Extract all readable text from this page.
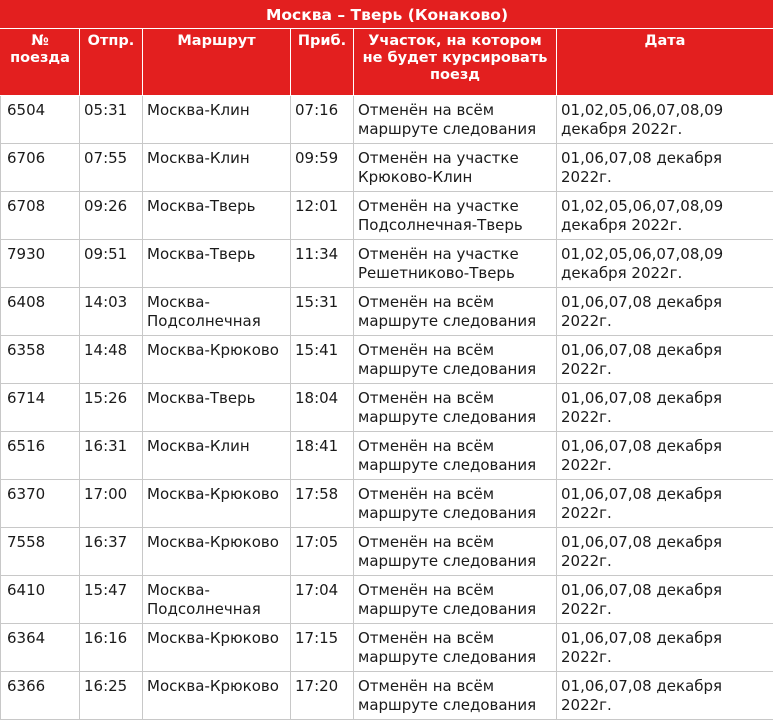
Москва – Тверь (Конаково)					
№ поезда	Отпр.	Маршрут	Приб.	Участок, на котором не будет курсировать поезд	Дата
6504	05:31	Москва-Клин	07:16	Отменён на всём маршруте следования	01,02,05,06,07,08,09 декабря 2022г.
6706	07:55	Москва-Клин	09:59	Отменён на участке Крюково-Клин	01,06,07,08 декабря 2022г.
6708	09:26	Москва-Тверь	12:01	Отменён на участке Подсолнечная-Тверь	01,02,05,06,07,08,09 декабря 2022г.
7930	09:51	Москва-Тверь	11:34	Отменён на участке Решетниково-Тверь	01,02,05,06,07,08,09 декабря 2022г.
6408	14:03	Москва-Подсолнечная	15:31	Отменён на всём маршруте следования	01,06,07,08 декабря 2022г.
6358	14:48	Москва-Крюково	15:41	Отменён на всём маршруте следования	01,06,07,08 декабря 2022г.
6714	15:26	Москва-Тверь	18:04	Отменён на всём маршруте следования	01,06,07,08 декабря 2022г.
6516	16:31	Москва-Клин	18:41	Отменён на всём маршруте следования	01,06,07,08 декабря 2022г.
6370	17:00	Москва-Крюково	17:58	Отменён на всём маршруте следования	01,06,07,08 декабря 2022г.
7558	16:37	Москва-Крюково	17:05	Отменён на всём маршруте следования	01,06,07,08 декабря 2022г.
6410	15:47	Москва-Подсолнечная	17:04	Отменён на всём маршруте следования	01,06,07,08 декабря 2022г.
6364	16:16	Москва-Крюково	17:15	Отменён на всём маршруте следования	01,06,07,08 декабря 2022г.
6366	16:25	Москва-Крюково	17:20	Отменён на всём маршруте следования	01,06,07,08 декабря 2022г.
